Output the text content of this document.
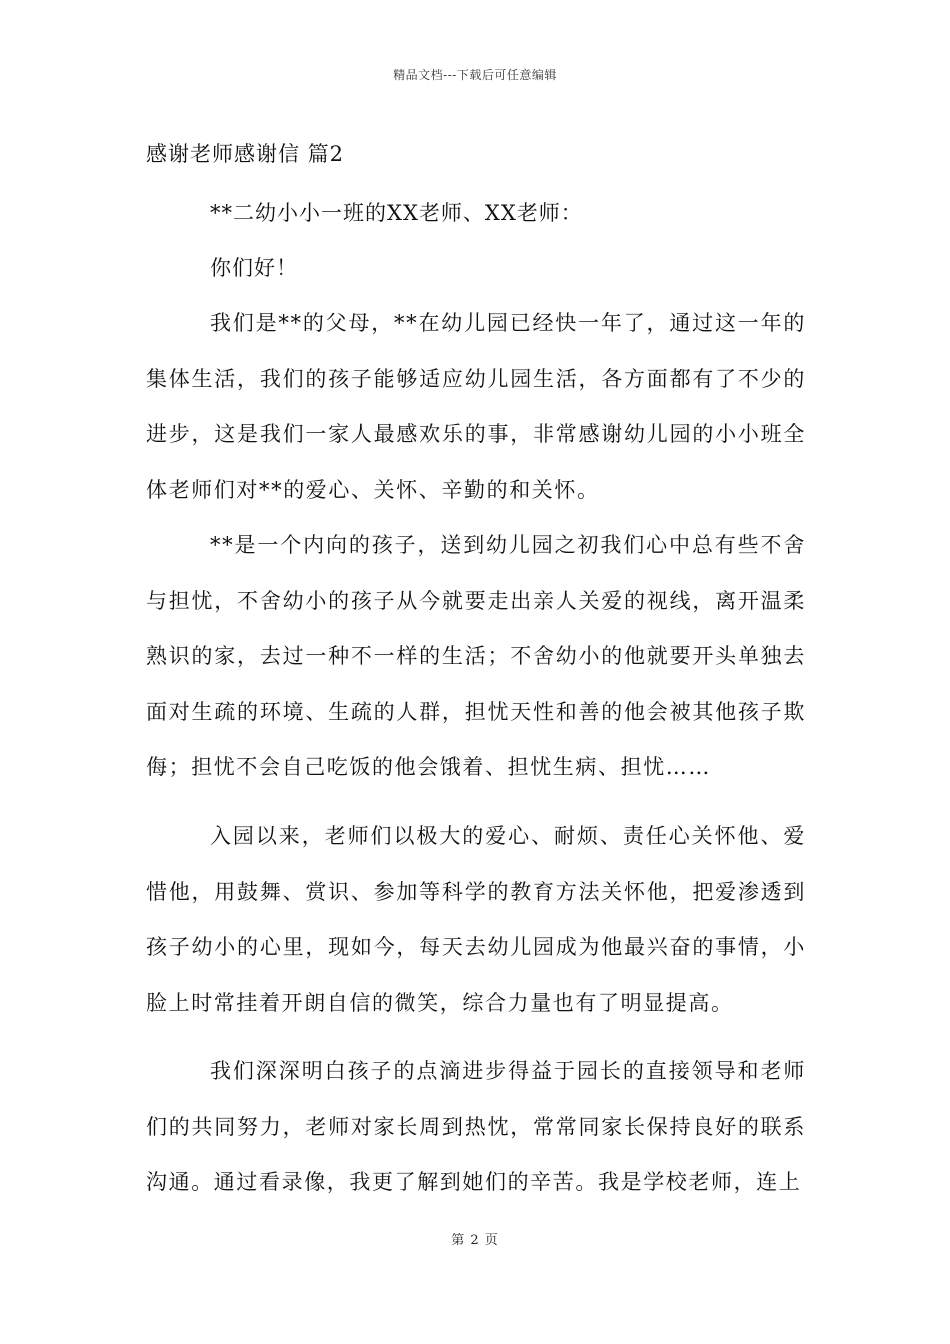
精品文档---下载后可任意编辑
感谢老师感谢信 篇2
**二幼小小一班的XX老师、XX老师：
你们好！
我们是**的父母，**在幼儿园已经快一年了，通过这一年的集体生活，我们的孩子能够适应幼儿园生活，各方面都有了不少的进步，这是我们一家人最感欢乐的事，非常感谢幼儿园的小小班全体老师们对**的爱心、关怀、辛勤的和关怀。
**是一个内向的孩子，送到幼儿园之初我们心中总有些不舍与担忧，不舍幼小的孩子从今就要走出亲人关爱的视线，离开温柔熟识的家，去过一种不一样的生活；不舍幼小的他就要开头单独去面对生疏的环境、生疏的人群，担忧天性和善的他会被其他孩子欺侮；担忧不会自己吃饭的他会饿着、担忧生病、担忧……
入园以来，老师们以极大的爱心、耐烦、责任心关怀他、爱惜他，用鼓舞、赏识、参加等科学的教育方法关怀他，把爱渗透到孩子幼小的心里，现如今，每天去幼儿园成为他最兴奋的事情，小脸上时常挂着开朗自信的微笑，综合力量也有了明显提高。
我们深深明白孩子的点滴进步得益于园长的直接领导和老师们的共同努力，老师对家长周到热忱，常常同家长保持良好的联系沟通。通过看录像，我更了解到她们的辛苦。我是学校老师，连上
第 2 页
